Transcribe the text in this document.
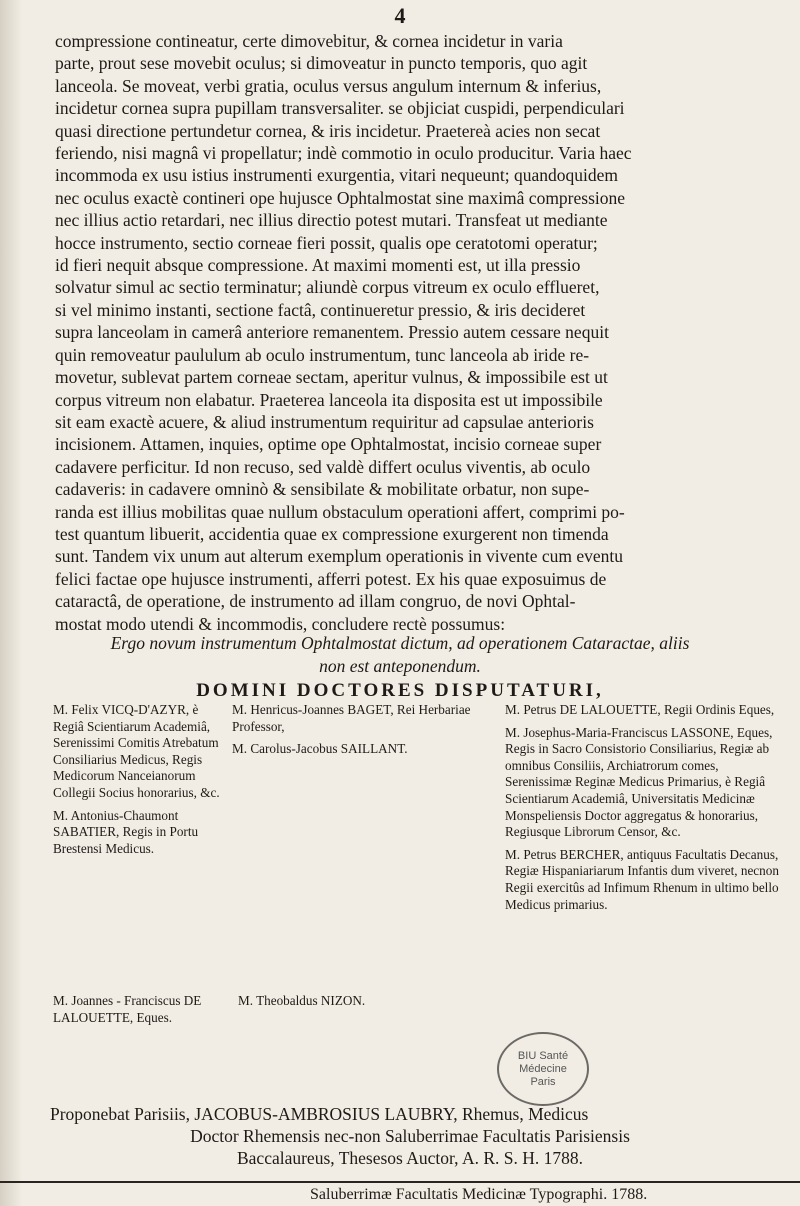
4

compressione contineatur, certe dimovebitur, & cornea incidetur in varia

parte, prout sese movebit oculus; si dimoveatur in puncto temporis, quo agit

lanceola. Se moveat, verbi gratia, oculus versus angulum internum & inferius,

incidetur cornea supra pupillam transversaliter. se objiciat cuspidi, perpendiculari

quasi directione pertundetur cornea, & iris incidetur. Praetereà acies non secat

feriendo, nisi magnâ vi propellatur; indè commotio in oculo producitur. Varia haec

incommoda ex usu istius instrumenti exurgentia, vitari nequeunt; quandoquidem

nec oculus exactè contineri ope hujusce Ophtalmostat sine maximâ compressione

nec illius actio retardari, nec illius directio potest mutari. Transfeat ut mediante

hocce instrumento, sectio corneae fieri possit, qualis ope ceratotomi operatur;

id fieri nequit absque compressione. At maximi momenti est, ut illa pressio

solvatur simul ac sectio terminatur; aliundè corpus vitreum ex oculo efflueret,

si vel minimo instanti, sectione factâ, continueretur pressio, & iris decideret

supra lanceolam in camerâ anteriore remanentem. Pressio autem cessare nequit

quin removeatur paululum ab oculo instrumentum, tunc lanceola ab iride re-

movetur, sublevat partem corneae sectam, aperitur vulnus, & impossibile est ut

corpus vitreum non elabatur. Praeterea lanceola ita disposita est ut impossibile

sit eam exactè acuere, & aliud instrumentum requiritur ad capsulae anterioris

incisionem. Attamen, inquies, optime ope Ophtalmostat, incisio corneae super

cadavere perficitur. Id non recuso, sed valdè differt oculus viventis, ab oculo

cadaveris: in cadavere omninò & sensibilate & mobilitate orbatur, non supe-

randa est illius mobilitas quae nullum obstaculum operationi affert, comprimi po-

test quantum libuerit, accidentia quae ex compressione exurgerent non timenda

sunt. Tandem vix unum aut alterum exemplum operationis in vivente cum eventu

felici factae ope hujusce instrumenti, afferri potest. Ex his quae exposuimus de

cataractâ, de operatione, de instrumento ad illam congruo, de novi Ophtal-

mostat modo utendi & incommodis, concludere rectè possumus:

Ergo novum instrumentum Ophtalmostat dictum, ad operationem Cataractae, aliis
non est anteponendum.
DOMINI DOCTORES DISPUTATURI,

M. Felix VICQ-D'AZYR, è Regiâ Scientiarum Academiâ, Serenissimi Comitis Atrebatum Consiliarius Medicus, Regis Medicorum Nanceianorum Collegii Socius honorarius, &c.

M. Antonius-Chaumont SABATIER, Regis in Portu Brestensi Medicus.

M. Henricus-Joannes BAGET, Rei Herbariae Professor,

M. Carolus-Jacobus SAILLANT.

M. Petrus DE LALOUETTE, Regii Ordinis Eques,

M. Josephus-Maria-Franciscus LASSONE, Eques, Regis in Sacro Consistorio Consiliarius, Regiæ ab omnibus Consiliis, Archiatrorum comes, Serenissimæ Reginæ Medicus Primarius, è Regiâ Scientiarum Academiâ, Universitatis Medicinæ Monspeliensis Doctor aggregatus & honorarius, Regiusque Librorum Censor, &c.

M. Petrus BERCHER, antiquus Facultatis Decanus, Regiæ Hispaniariarum Infantis dum viveret, necnon Regii exercitûs ad Infimum Rhenum in ultimo bello Medicus primarius.

M. Joannes - Franciscus DE LALOUETTE, Eques.

M. Theobaldus NIZON.

BIU Santé
Médecine
Paris
Proponebat Parisiis, JACOBUS-AMBROSIUS LAUBRY, Rhemus, Medicus
Doctor Rhemensis nec-non Saluberrimae Facultatis Parisiensis
Baccalaureus, Thesesos Auctor, A. R. S. H. 1788.
Saluberrimæ Facultatis Medicinæ Typographi. 1788.
